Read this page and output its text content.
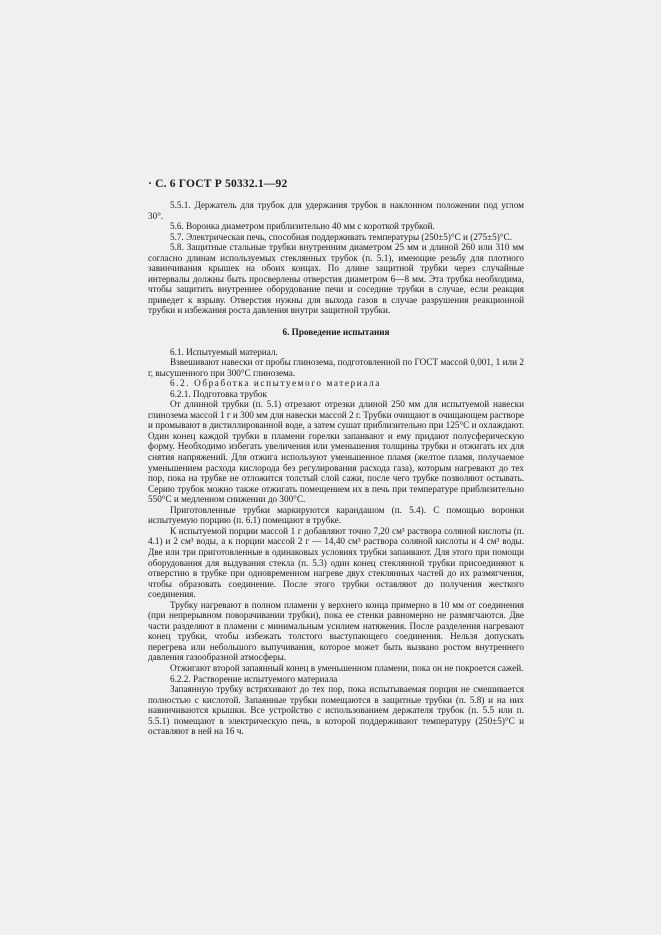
· С. 6 ГОСТ Р 50332.1—92

5.5.1. Держатель для трубок для удержания трубок в наклонном положении под углом 30°.

5.6. Воронка диаметром приблизительно 40 мм с короткой трубкой.

5.7. Электрическая печь, способная поддерживать температуры (250±5)°С и (275±5)°С.

5.8. Защитные стальные трубки внутренним диаметром 25 мм и длиной 260 или 310 мм согласно длинам используемых стеклянных трубок (п. 5.1), имеющие резьбу для плотного завинчивания крышек на обоих концах. По длине защитной трубки через случайные интервалы должны быть просверлены отверстия диаметром 6—8 мм. Эта трубка необходима, чтобы защитить внутреннее оборудование печи и соседние трубки в случае, если реакция приведет к взрыву. Отверстия нужны для выхода газов в случае разрушения реакционной трубки и избежания роста давления внутри защитной трубки.

6. Проведение испытания

6.1. Испытуемый материал.

Взвешивают навески от пробы глинозема, подготовленной по ГОСТ массой 0,001, 1 или 2 г, высушенного при 300°С глинозема.

6.2. Обработка испытуемого материала

6.2.1. Подготовка трубок

От длинной трубки (п. 5.1) отрезают отрезки длиной 250 мм для испытуемой навески глинозема массой 1 г и 300 мм для навески массой 2 г. Трубки очищают в очищающем растворе и промывают в дистиллированной воде, а затем сушат приблизительно при 125°С и охлаждают. Один конец каждой трубки в пламени горелки запаивают и ему придают полусферическую форму. Необходимо избегать увеличения или уменьшения толщины трубки и отжигать их для снятия напряжений. Для отжига используют уменьшенное пламя (желтое пламя, получаемое уменьшением расхода кислорода без регулирования расхода газа), которым нагревают до тех пор, пока на трубке не отложится толстый слой сажи, после чего трубке позволяют остывать. Серию трубок можно также отжигать помещением их в печь при температуре приблизительно 550°С и медленном снижении до 300°С.

Приготовленные трубки маркируются карандашом (п. 5.4). С помощью воронки испытуемую порцию (п. 6.1) помещают в трубке.

К испытуемой порции массой 1 г добавляют точно 7,20 см³ раствора соляной кислоты (п. 4.1) и 2 см³ воды, а к порции массой 2 г — 14,40 см³ раствора соляной кислоты и 4 см³ воды. Две или три приготовленные в одинаковых условиях трубки запаивают. Для этого при помощи оборудования для выдувания стекла (п. 5.3) один конец стеклянной трубки присоединяют к отверстию в трубке при одновременном нагреве двух стеклянных частей до их размягчения, чтобы образовать соединение. После этого трубки оставляют до получения жесткого соединения.

Трубку нагревают в полном пламени у верхнего конца примерно в 10 мм от соединения (при непрерывном поворачивании трубки), пока ее стенки равномерно не размягчаются. Две части разделяют в пламени с минимальным усилием натяжения. После разделения нагревают конец трубки, чтобы избежать толстого выступающего соединения. Нельзя допускать перегрева или небольшого выпучивания, которое может быть вызвано ростом внутреннего давления газообразной атмосферы.

Отжигают второй запаянный конец в уменьшенном пламени, пока он не покроется сажей.

6.2.2. Растворение испытуемого материала

Запаянную трубку встряхивают до тех пор, пока испытываемая порция не смешивается полностью с кислотой. Запаянные трубки помещаются в защитные трубки (п. 5.8) и на них навинчиваются крышки. Все устройство с использованием держателя трубок (п. 5.5 или п. 5.5.1) помещают в электрическую печь, в которой поддерживают температуру (250±5)°С и оставляют в ней на 16 ч.
